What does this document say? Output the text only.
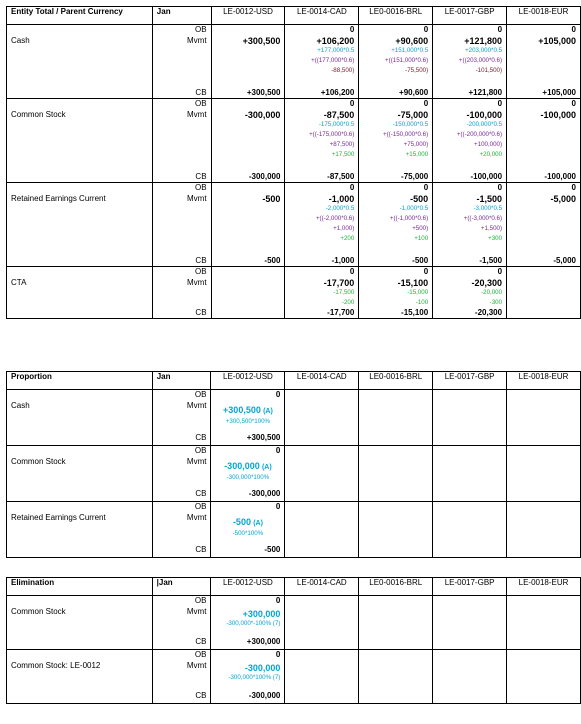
Entity Total / Parent Currency	Jan	LE-0012-USD	LE-0014-CAD	LE0-0016-BRL	LE-0017-GBP	LE-0018-EUR
	OB		0	0	0	0
Cash	Mvmt	+300,500	+106,200
+177,000*0.5
+((177,000*0.6)
-88,500)	+90,600
+151,000*0.5
+((151,000*0.6)
-75,500)	+121,800
+203,000*0.5
+((203,000*0.6)
-101,500)	+105,000

	CB	+300,500	+106,200	+90,600	+121,800	+105,000
	OB		0	0	0	0
Common Stock	Mvmt	-300,000	-87,500
-175,000*0.5
+((-175,000*0.6)
+87,500)
+17,500	-75,000
-150,000*0.5
+((-150,000*0.6)
+75,000)
+15,000	-100,000
-200,000*0.5
+((-200,000*0.6)
+100,000)
+20,000	-100,000

	CB	-300,000	-87,500	-75,000	-100,000	-100,000
	OB		0	0	0	0
Retained Earnings Current	Mvmt	-500	-1,000
-2,000*0.5
+((-2,000*0.6)
+1,000)
+200	-500
-1,000*0.5
+((-1,000*0.6)
+500)
+100	-1,500
-3,000*0.5
+((-3,000*0.6)
+1,500)
+300	-5,000

	CB	-500	-1,000	-500	-1,500	-5,000
	OB		0	0	0	
CTA	Mvmt		-17,700
-17,500
-200	-15,100
-15,000
-100	-20,300
-20,000
-300	

	CB		-17,700	-15,100	-20,300	
Proportion	Jan	LE-0012-USD	LE-0014-CAD	LE0-0016-BRL	LE-0017-GBP	LE-0018-EUR
	OB	0				
Cash	Mvmt	+300,500 (A)
+300,500*100%				

	CB	+300,500				
	OB	0				
Common Stock	Mvmt	-300,000 (A)
-300,000*100%				

	CB	-300,000				
	OB	0				
Retained Earnings Current	Mvmt	-500 (A)
-500*100%				

	CB	-500				
Elimination	|Jan	LE-0012-USD	LE-0014-CAD	LE0-0016-BRL	LE-0017-GBP	LE-0018-EUR
	OB	0				
Common Stock	Mvmt	+300,000
-300,000*-100% (7)				

	CB	+300,000				
	OB	0				
Common Stock: LE-0012	Mvmt	-300,000
-300,000*100% (7)				

	CB	-300,000				
